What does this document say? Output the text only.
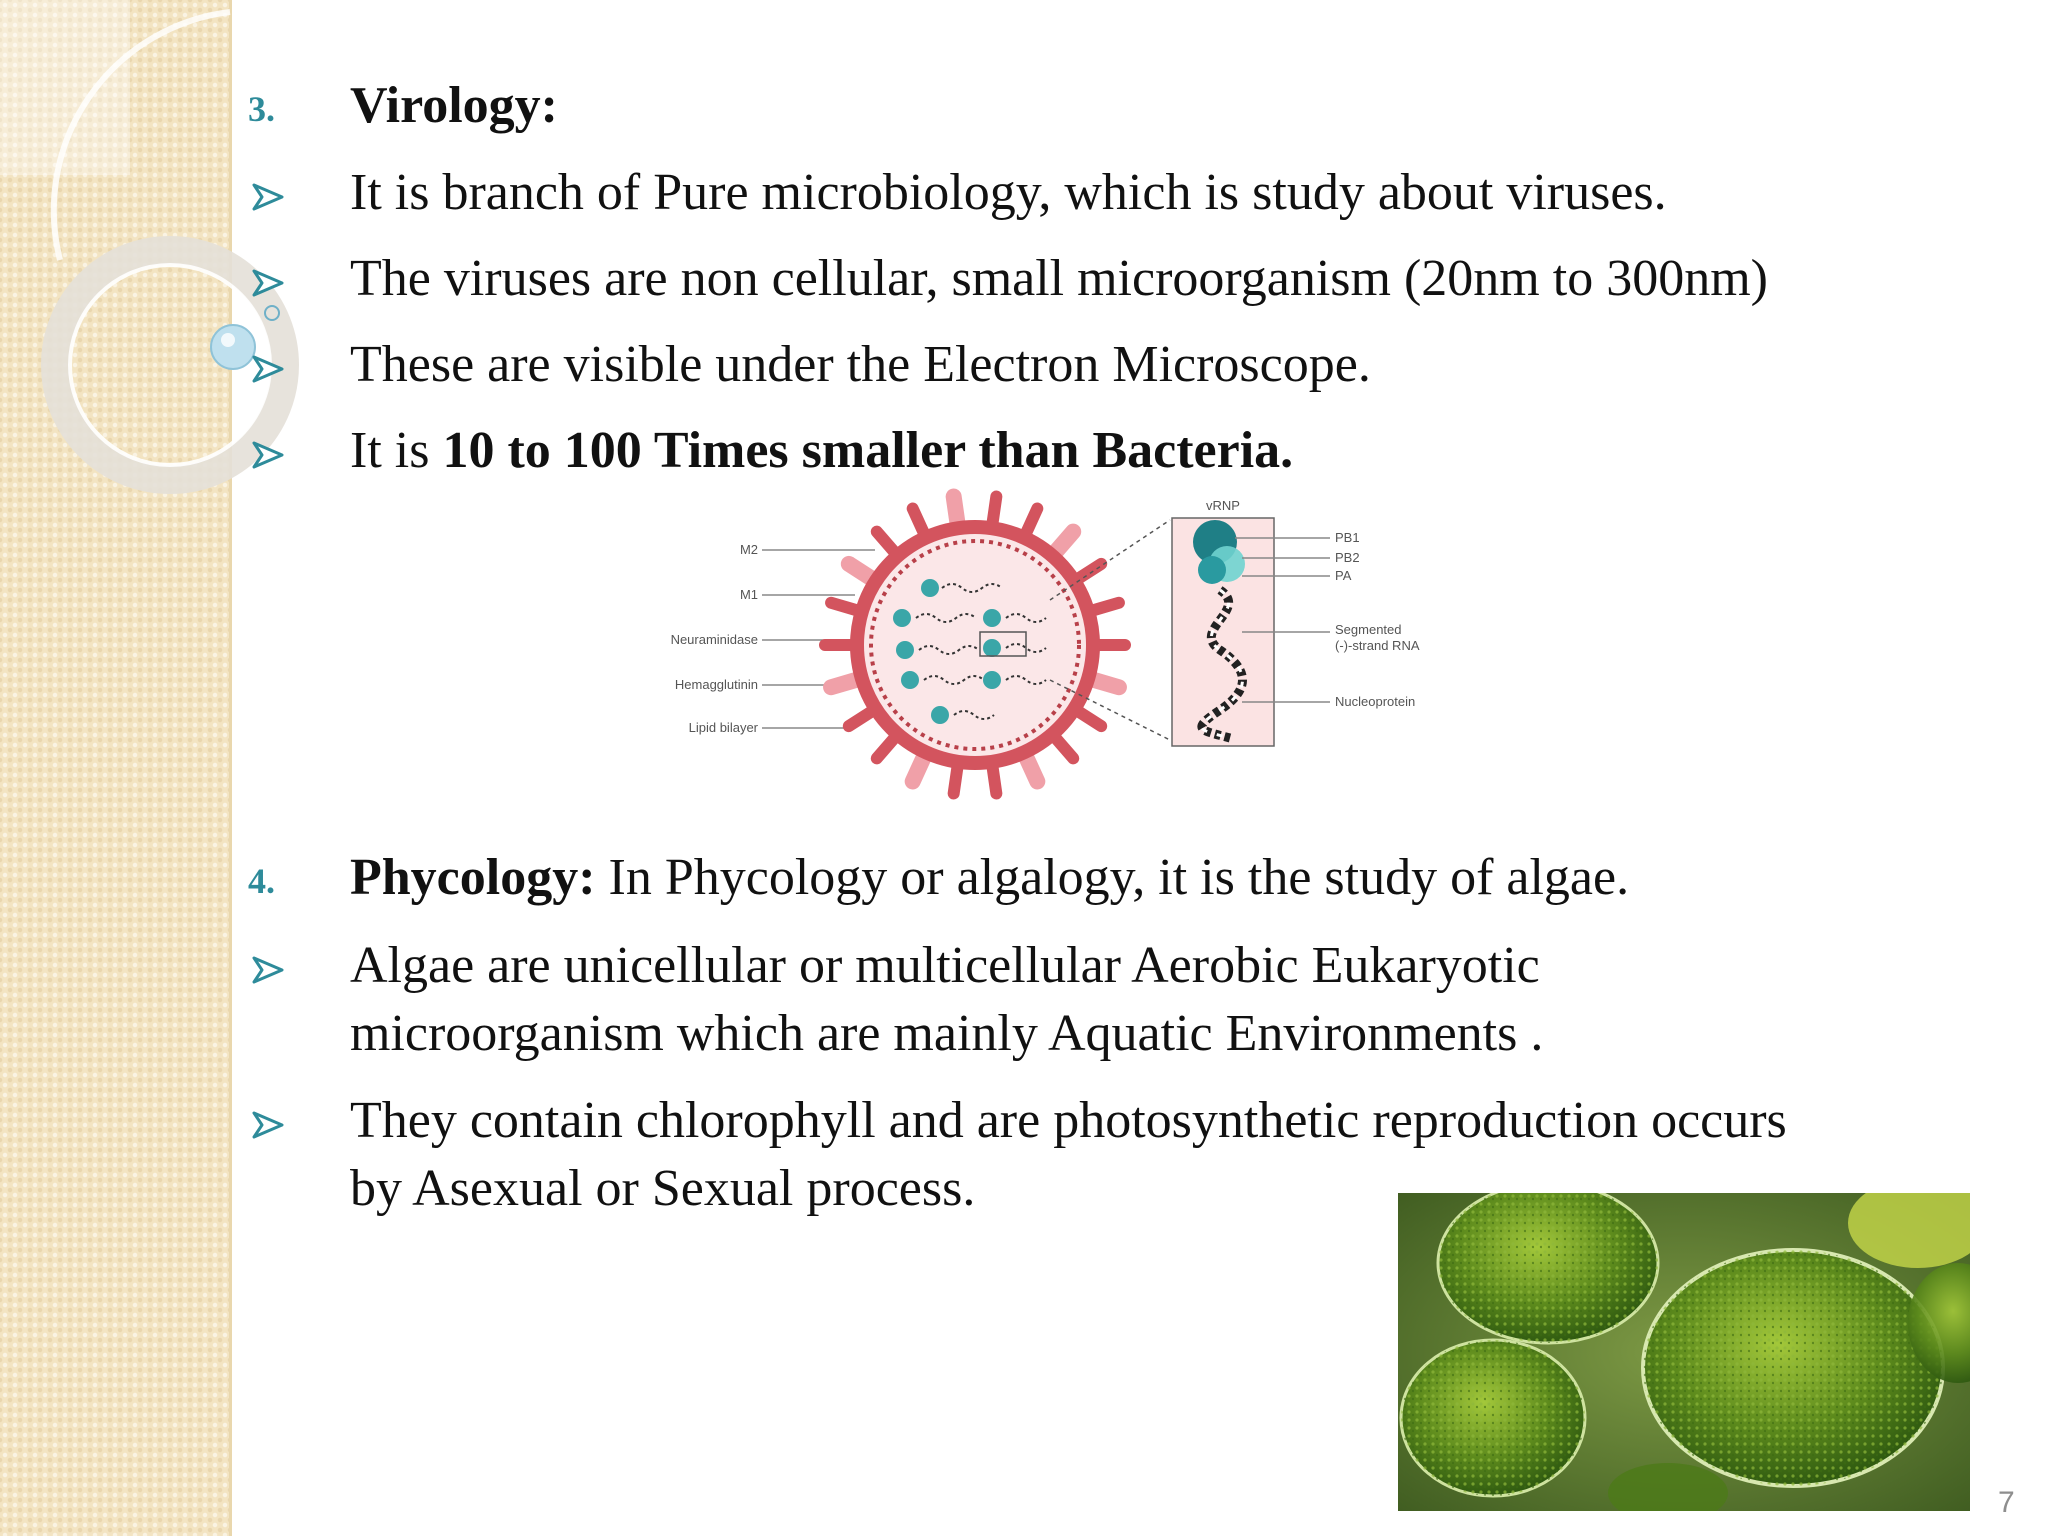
3.	Virology:
It is branch of Pure microbiology, which is study about viruses.
The viruses are non cellular, small microorganism (20nm to 300nm)
These are visible under the Electron Microscope.
It is 10 to 100 Times smaller than Bacteria.
M2
M1
Neuraminidase
Hemagglutinin
Lipid bilayer
vRNP
PB1
PB2
PA
Segmented
(-)-strand RNA
Nucleoprotein
4.	Phycology: In Phycology or algalogy, it is the study of algae.
Algae are unicellular or multicellular Aerobic Eukaryotic
microorganism which are mainly Aquatic Environments .
They contain chlorophyll and are photosynthetic reproduction occurs
by Asexual or Sexual process.
7
